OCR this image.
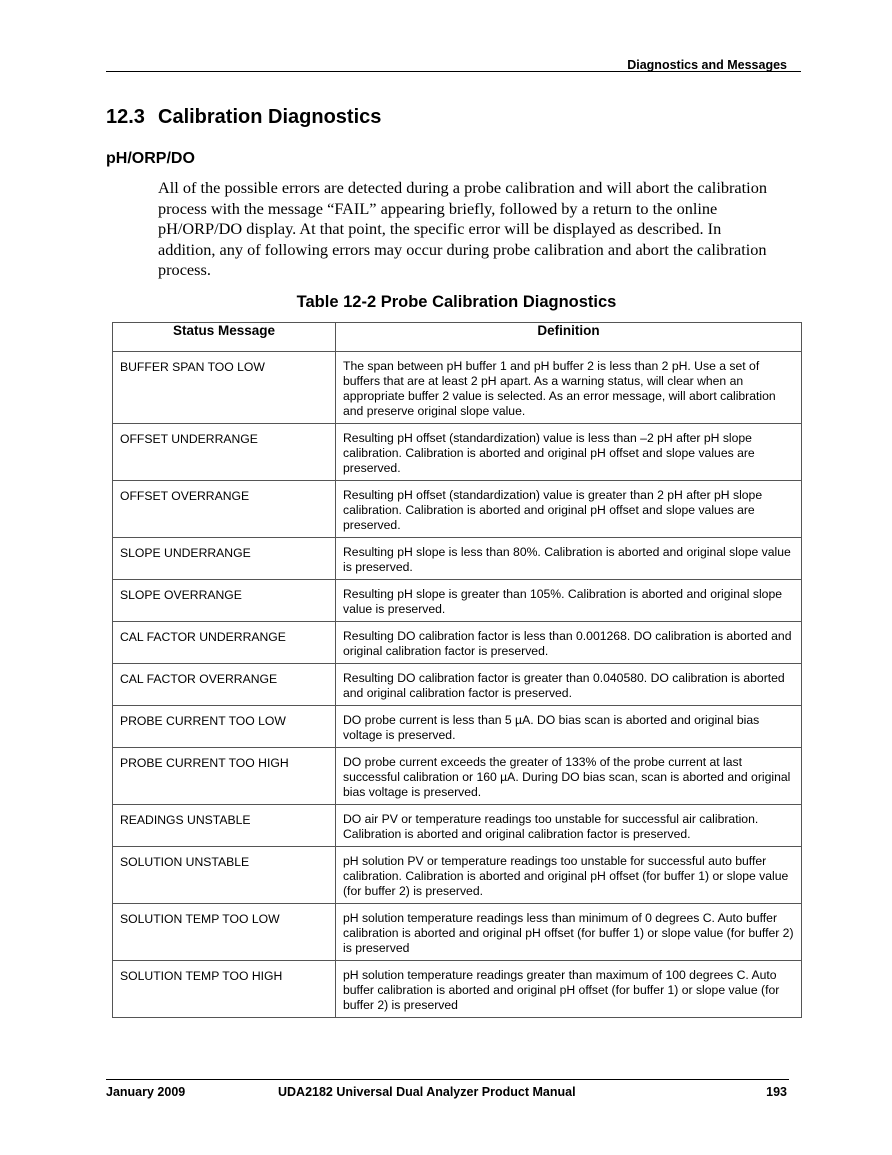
Diagnostics and Messages
12.3 Calibration Diagnostics
pH/ORP/DO
All of the possible errors are detected during a probe calibration and will abort the calibration process with the message “FAIL” appearing briefly, followed by a return to the online pH/ORP/DO display. At that point, the specific error will be displayed as described. In addition, any of following errors may occur during probe calibration and abort the calibration process.
Table 12-2 Probe Calibration Diagnostics
Status Message	Definition
BUFFER SPAN TOO LOW	The span between pH buffer 1 and pH buffer 2 is less than 2 pH. Use a set of buffers that are at least 2 pH apart. As a warning status, will clear when an appropriate buffer 2 value is selected. As an error message, will abort calibration and preserve original slope value.
OFFSET UNDERRANGE	Resulting pH offset (standardization) value is less than –2 pH after pH slope calibration. Calibration is aborted and original pH offset and slope values are preserved.
OFFSET OVERRANGE	Resulting pH offset (standardization) value is greater than 2 pH after pH slope calibration. Calibration is aborted and original pH offset and slope values are preserved.
SLOPE UNDERRANGE	Resulting pH slope is less than 80%. Calibration is aborted and original slope value is preserved.
SLOPE OVERRANGE	Resulting pH slope is greater than 105%. Calibration is aborted and original slope value is preserved.
CAL FACTOR UNDERRANGE	Resulting DO calibration factor is less than 0.001268. DO calibration is aborted and original calibration factor is preserved.
CAL FACTOR OVERRANGE	Resulting DO calibration factor is greater than 0.040580. DO calibration is aborted and original calibration factor is preserved.
PROBE CURRENT TOO LOW	DO probe current is less than 5 µA. DO bias scan is aborted and original bias voltage is preserved.
PROBE CURRENT TOO HIGH	DO probe current exceeds the greater of 133% of the probe current at last successful calibration or 160 µA. During DO bias scan, scan is aborted and original bias voltage is preserved.
READINGS UNSTABLE	DO air PV or temperature readings too unstable for successful air calibration. Calibration is aborted and original calibration factor is preserved.
SOLUTION UNSTABLE	pH solution PV or temperature readings too unstable for successful auto buffer calibration. Calibration is aborted and original pH offset (for buffer 1) or slope value (for buffer 2) is preserved.
SOLUTION TEMP TOO LOW	pH solution temperature readings less than minimum of 0 degrees C. Auto buffer calibration is aborted and original pH offset (for buffer 1) or slope value (for buffer 2) is preserved
SOLUTION TEMP TOO HIGH	pH solution temperature readings greater than maximum of 100 degrees C. Auto buffer calibration is aborted and original pH offset (for buffer 1) or slope value (for buffer 2) is preserved
January 2009	UDA2182 Universal Dual Analyzer Product Manual	193
